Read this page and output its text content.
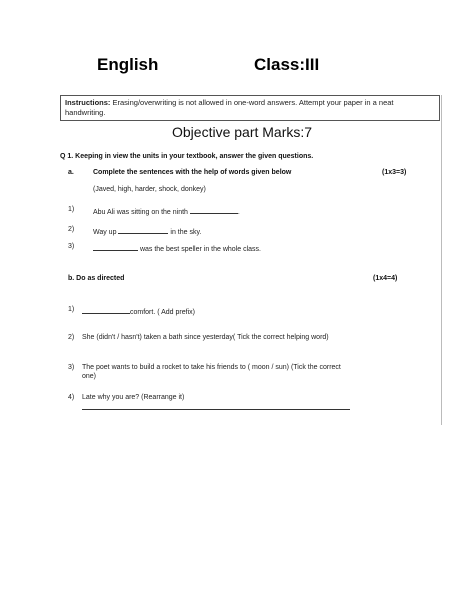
English	Class:III
Instructions: Erasing/overwriting is not allowed in one-word answers. Attempt your paper in a neat
handwriting.
Objective part Marks:7
Q 1. Keeping in view the units in your textbook, answer the given questions.
a.	Complete the sentences with the help of words given below	(1x3=3)
(Javed, high, harder, shock, donkey)
1)	Abu Ali was sitting on the ninth	.
2)	Way up	in the sky.
3)	was the best speller in the whole class.
b. Do as directed	(1x4=4)
1)	comfort. ( Add prefix)
2) She (didn't / hasn't) taken a bath since yesterday( Tick the correct helping word)
3) The poet wants to build a rocket to take his friends to ( moon / sun) (Tick the correct
one)
4) Late why you are? (Rearrange it)
